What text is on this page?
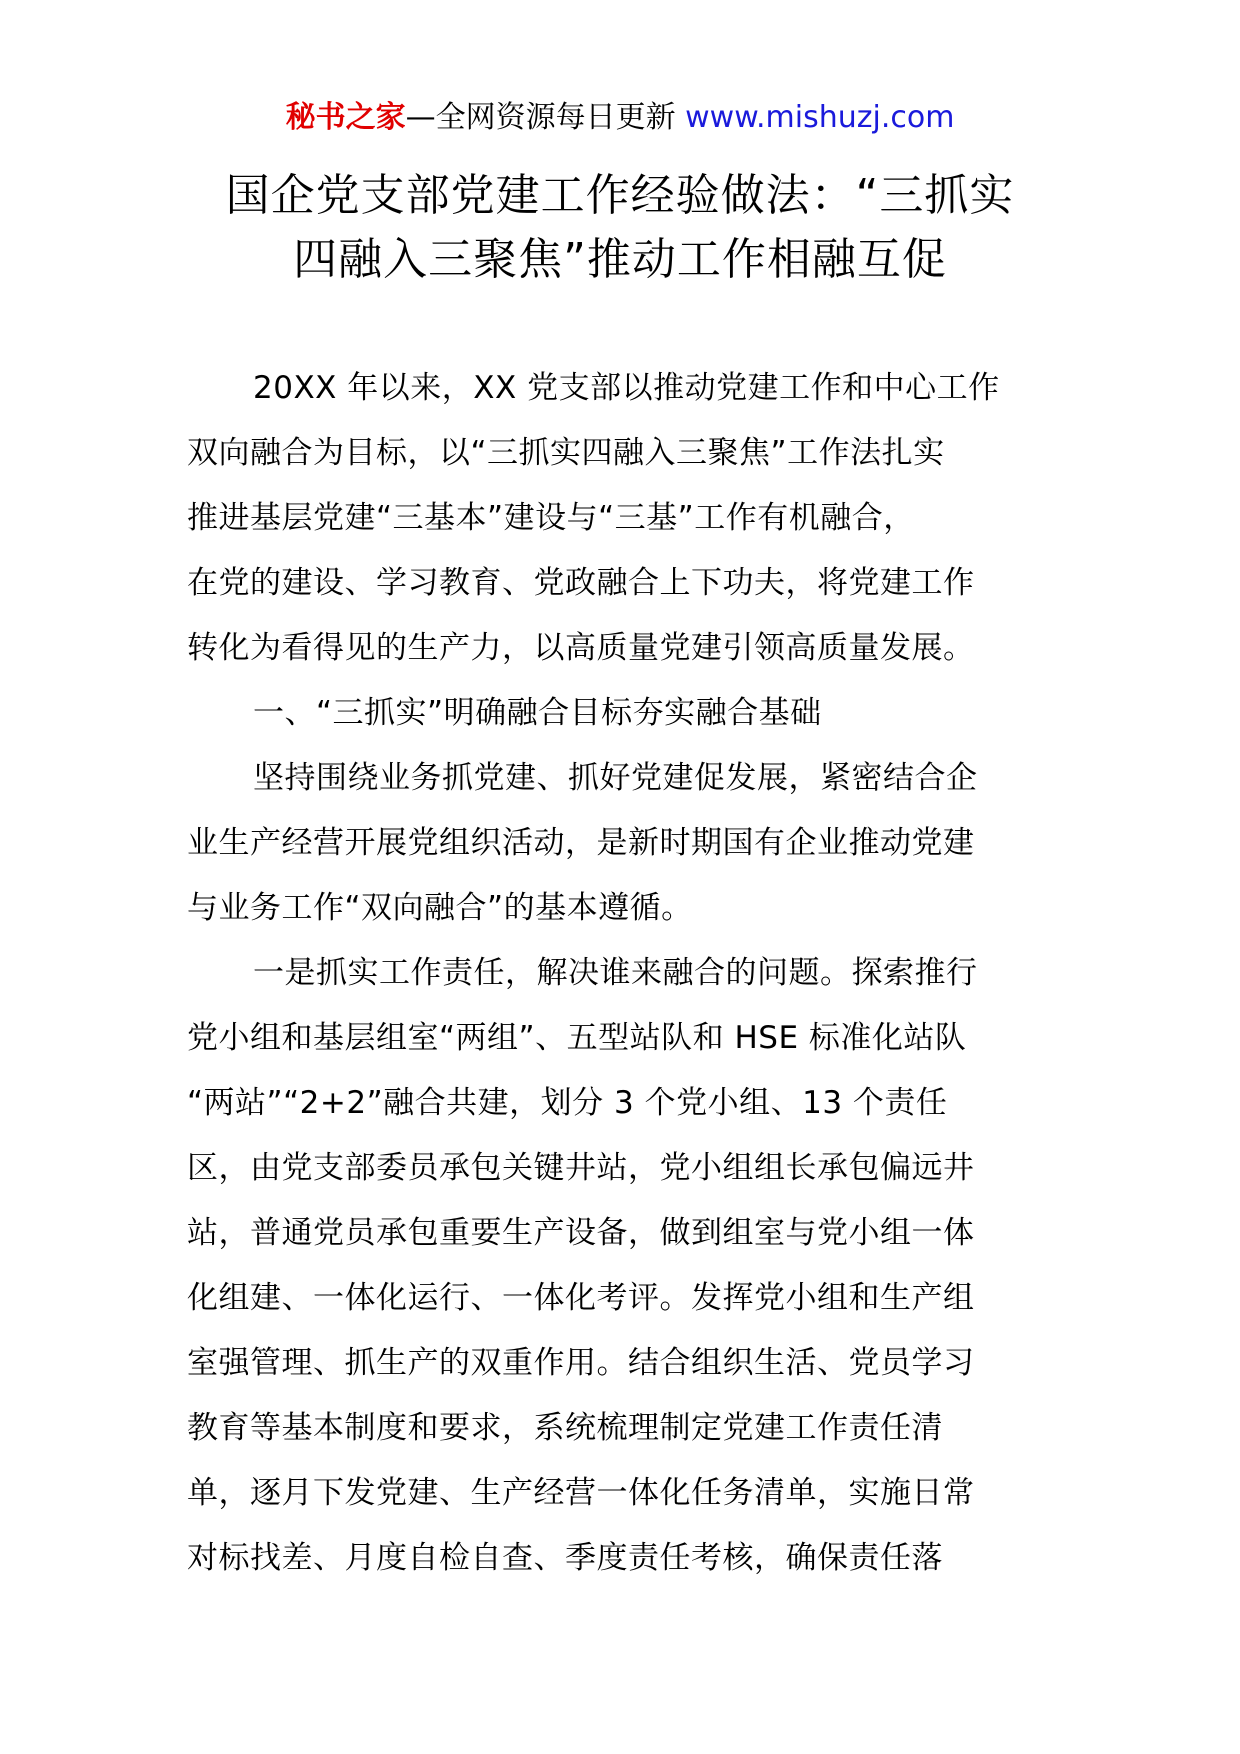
秘书之家—全网资源每日更新 www.mishuzj.com
国企党支部党建工作经验做法：“三抓实
四融入三聚焦”推动工作相融互促
20XX 年以来，XX 党支部以推动党建工作和中心工作
双向融合为目标，以“三抓实四融入三聚焦”工作法扎实
推进基层党建“三基本”建设与“三基”工作有机融合，
在党的建设、学习教育、党政融合上下功夫，将党建工作
转化为看得见的生产力，以高质量党建引领高质量发展。
一、“三抓实”明确融合目标夯实融合基础
坚持围绕业务抓党建、抓好党建促发展，紧密结合企
业生产经营开展党组织活动，是新时期国有企业推动党建
与业务工作“双向融合”的基本遵循。
一是抓实工作责任，解决谁来融合的问题。探索推行
党小组和基层组室“两组”、五型站队和 HSE 标准化站队
“两站”“2+2”融合共建，划分 3 个党小组、13 个责任
区，由党支部委员承包关键井站，党小组组长承包偏远井
站，普通党员承包重要生产设备，做到组室与党小组一体
化组建、一体化运行、一体化考评。发挥党小组和生产组
室强管理、抓生产的双重作用。结合组织生活、党员学习
教育等基本制度和要求，系统梳理制定党建工作责任清
单，逐月下发党建、生产经营一体化任务清单，实施日常
对标找差、月度自检自查、季度责任考核，确保责任落
